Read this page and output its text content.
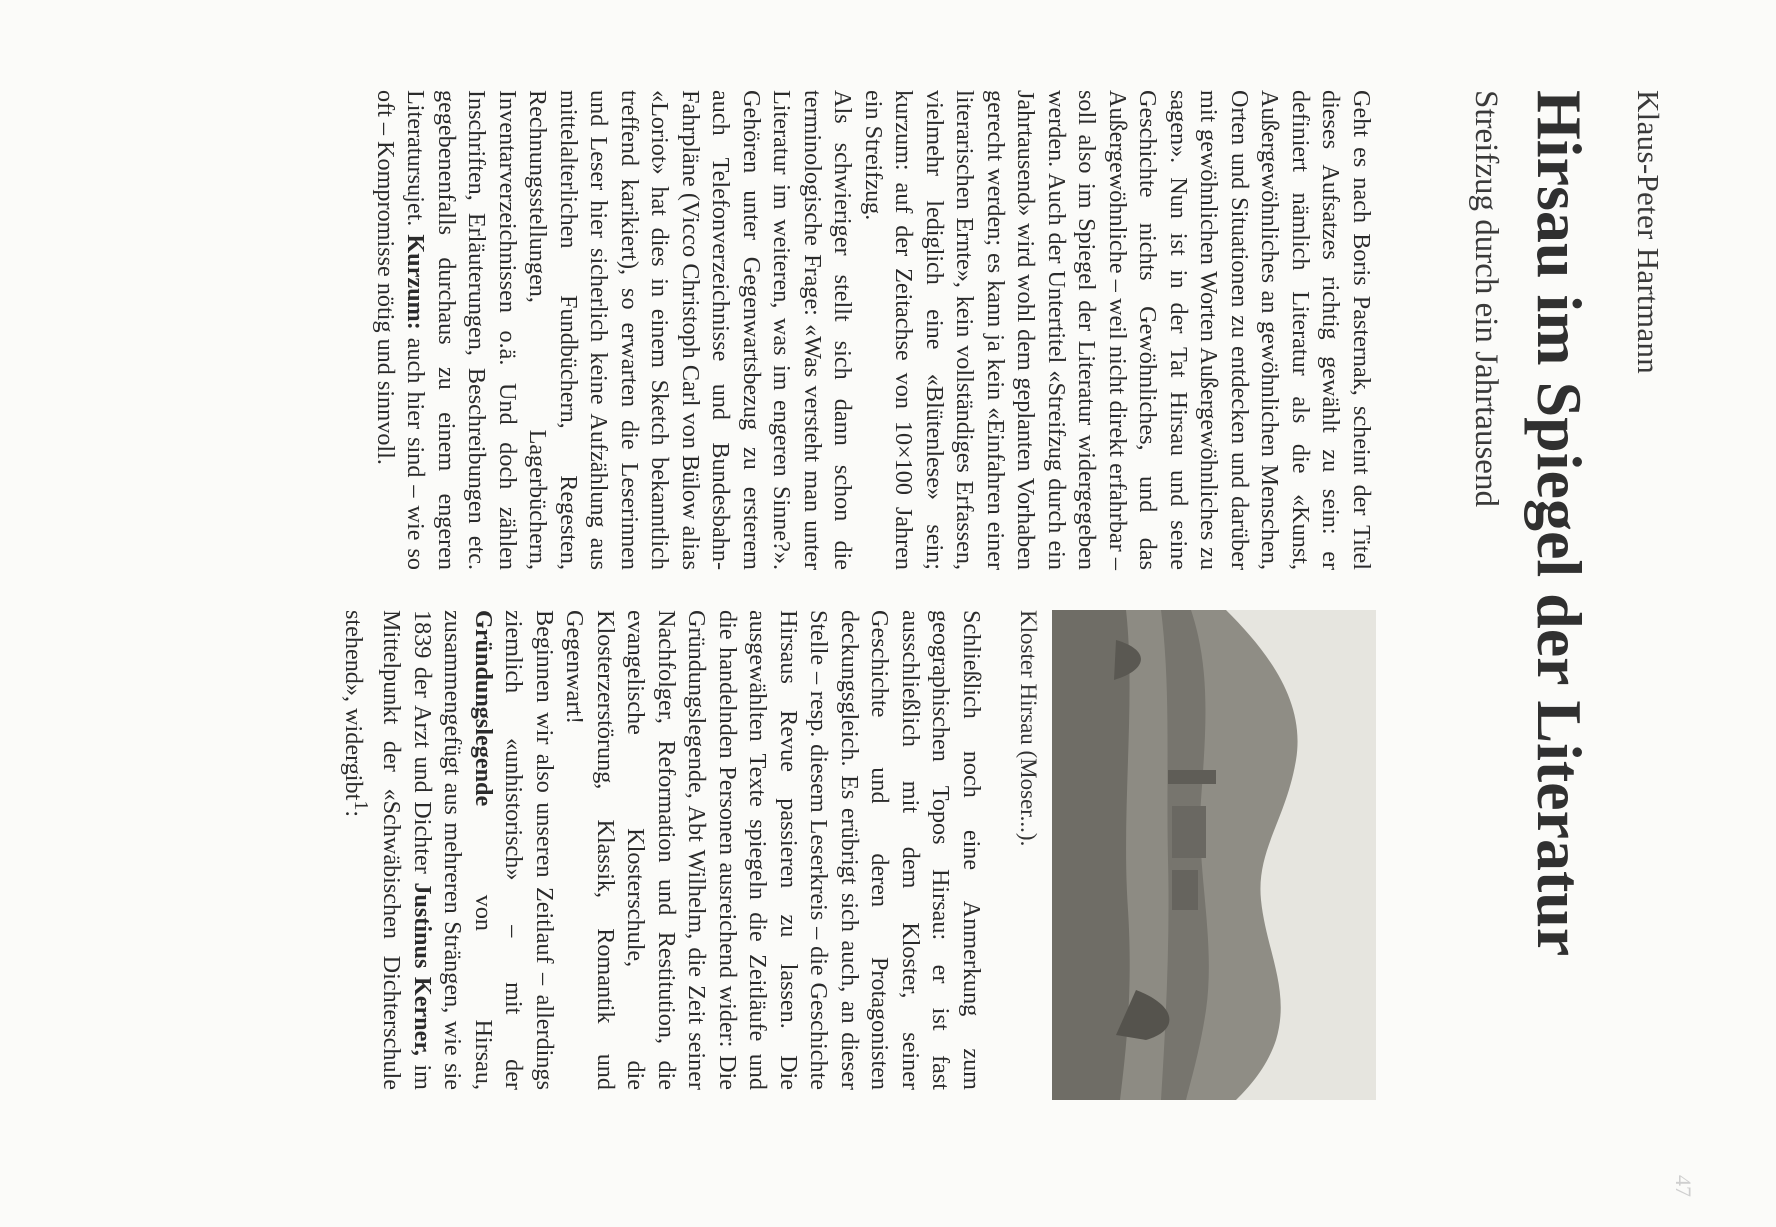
47
Klaus-Peter Hartmann
Hirsau im Spiegel der Literatur
Streifzug durch ein Jahrtausend

Geht es nach Boris Pasternak, scheint der Titel dieses Aufsatzes richtig gewählt zu sein: er definiert nämlich Literatur als die «Kunst, Außergewöhnliches an gewöhnlichen Menschen, Orten und Situationen zu entdecken und darüber mit gewöhnlichen Worten Außergewöhnliches zu sagen». Nun ist in der Tat Hirsau und seine Geschichte nichts Gewöhnliches, und das Außergewöhnliche – weil nicht direkt erfahrbar – soll also im Spiegel der Literatur widergegeben werden. Auch der Untertitel «Streifzug durch ein Jahrtausend» wird wohl dem geplanten Vorhaben gerecht werden; es kann ja kein «Einfahren einer literarischen Ernte», kein vollständiges Erfassen, vielmehr lediglich eine «Blütenlese» sein; kurzum: auf der Zeitachse von 10×100 Jahren ein Streifzug.

Als schwieriger stellt sich dann schon die terminologische Frage: «Was versteht man unter Literatur im weiteren, was im engeren Sinne?». Gehören unter Gegenwartsbezug zu ersterem auch Telefonverzeichnisse und Bundesbahn-Fahrpläne (Vicco Christoph Carl von Bülow alias «Loriot» hat dies in einem Sketch bekanntlich treffend karikiert), so erwarten die Leserinnen und Leser hier sicherlich keine Aufzählung aus mittelalterlichen Fundbüchern, Regesten, Rechnungsstellungen, Lagerbüchern, Inventarverzeichnissen o.ä. Und doch zählen Inschriften, Erläuterungen, Beschreibungen etc. gegebenenfalls durchaus zu einem engeren Literatursujet. Kurzum: auch hier sind – wie so oft – Kompromisse nötig und sinnvoll.

Kloster Hirsau (Moser...).

Schließlich noch eine Anmerkung zum geographischen Topos Hirsau: er ist fast ausschließlich mit dem Kloster, seiner Geschichte und deren Protagonisten deckungsgleich. Es erübrigt sich auch, an dieser Stelle – resp. diesem Leserkreis – die Geschichte Hirsaus Revue passieren zu lassen. Die ausgewählten Texte spiegeln die Zeitläufe und die handelnden Personen ausreichend wider: Die Gründungslegende, Abt Wilhelm, die Zeit seiner Nachfolger, Reformation und Restitution, die evangelische Klosterschule, die Klosterzerstörung, Klassik, Romantik und Gegenwart!

Beginnen wir also unseren Zeitlauf – allerdings ziemlich «unhistorisch» – mit der Gründungslegende von Hirsau, zusammengefügt aus mehreren Strängen, wie sie 1839 der Arzt und Dichter Justinus Kerner, im Mittelpunkt der «Schwäbischen Dichterschule stehend», widergibt$^1$:
